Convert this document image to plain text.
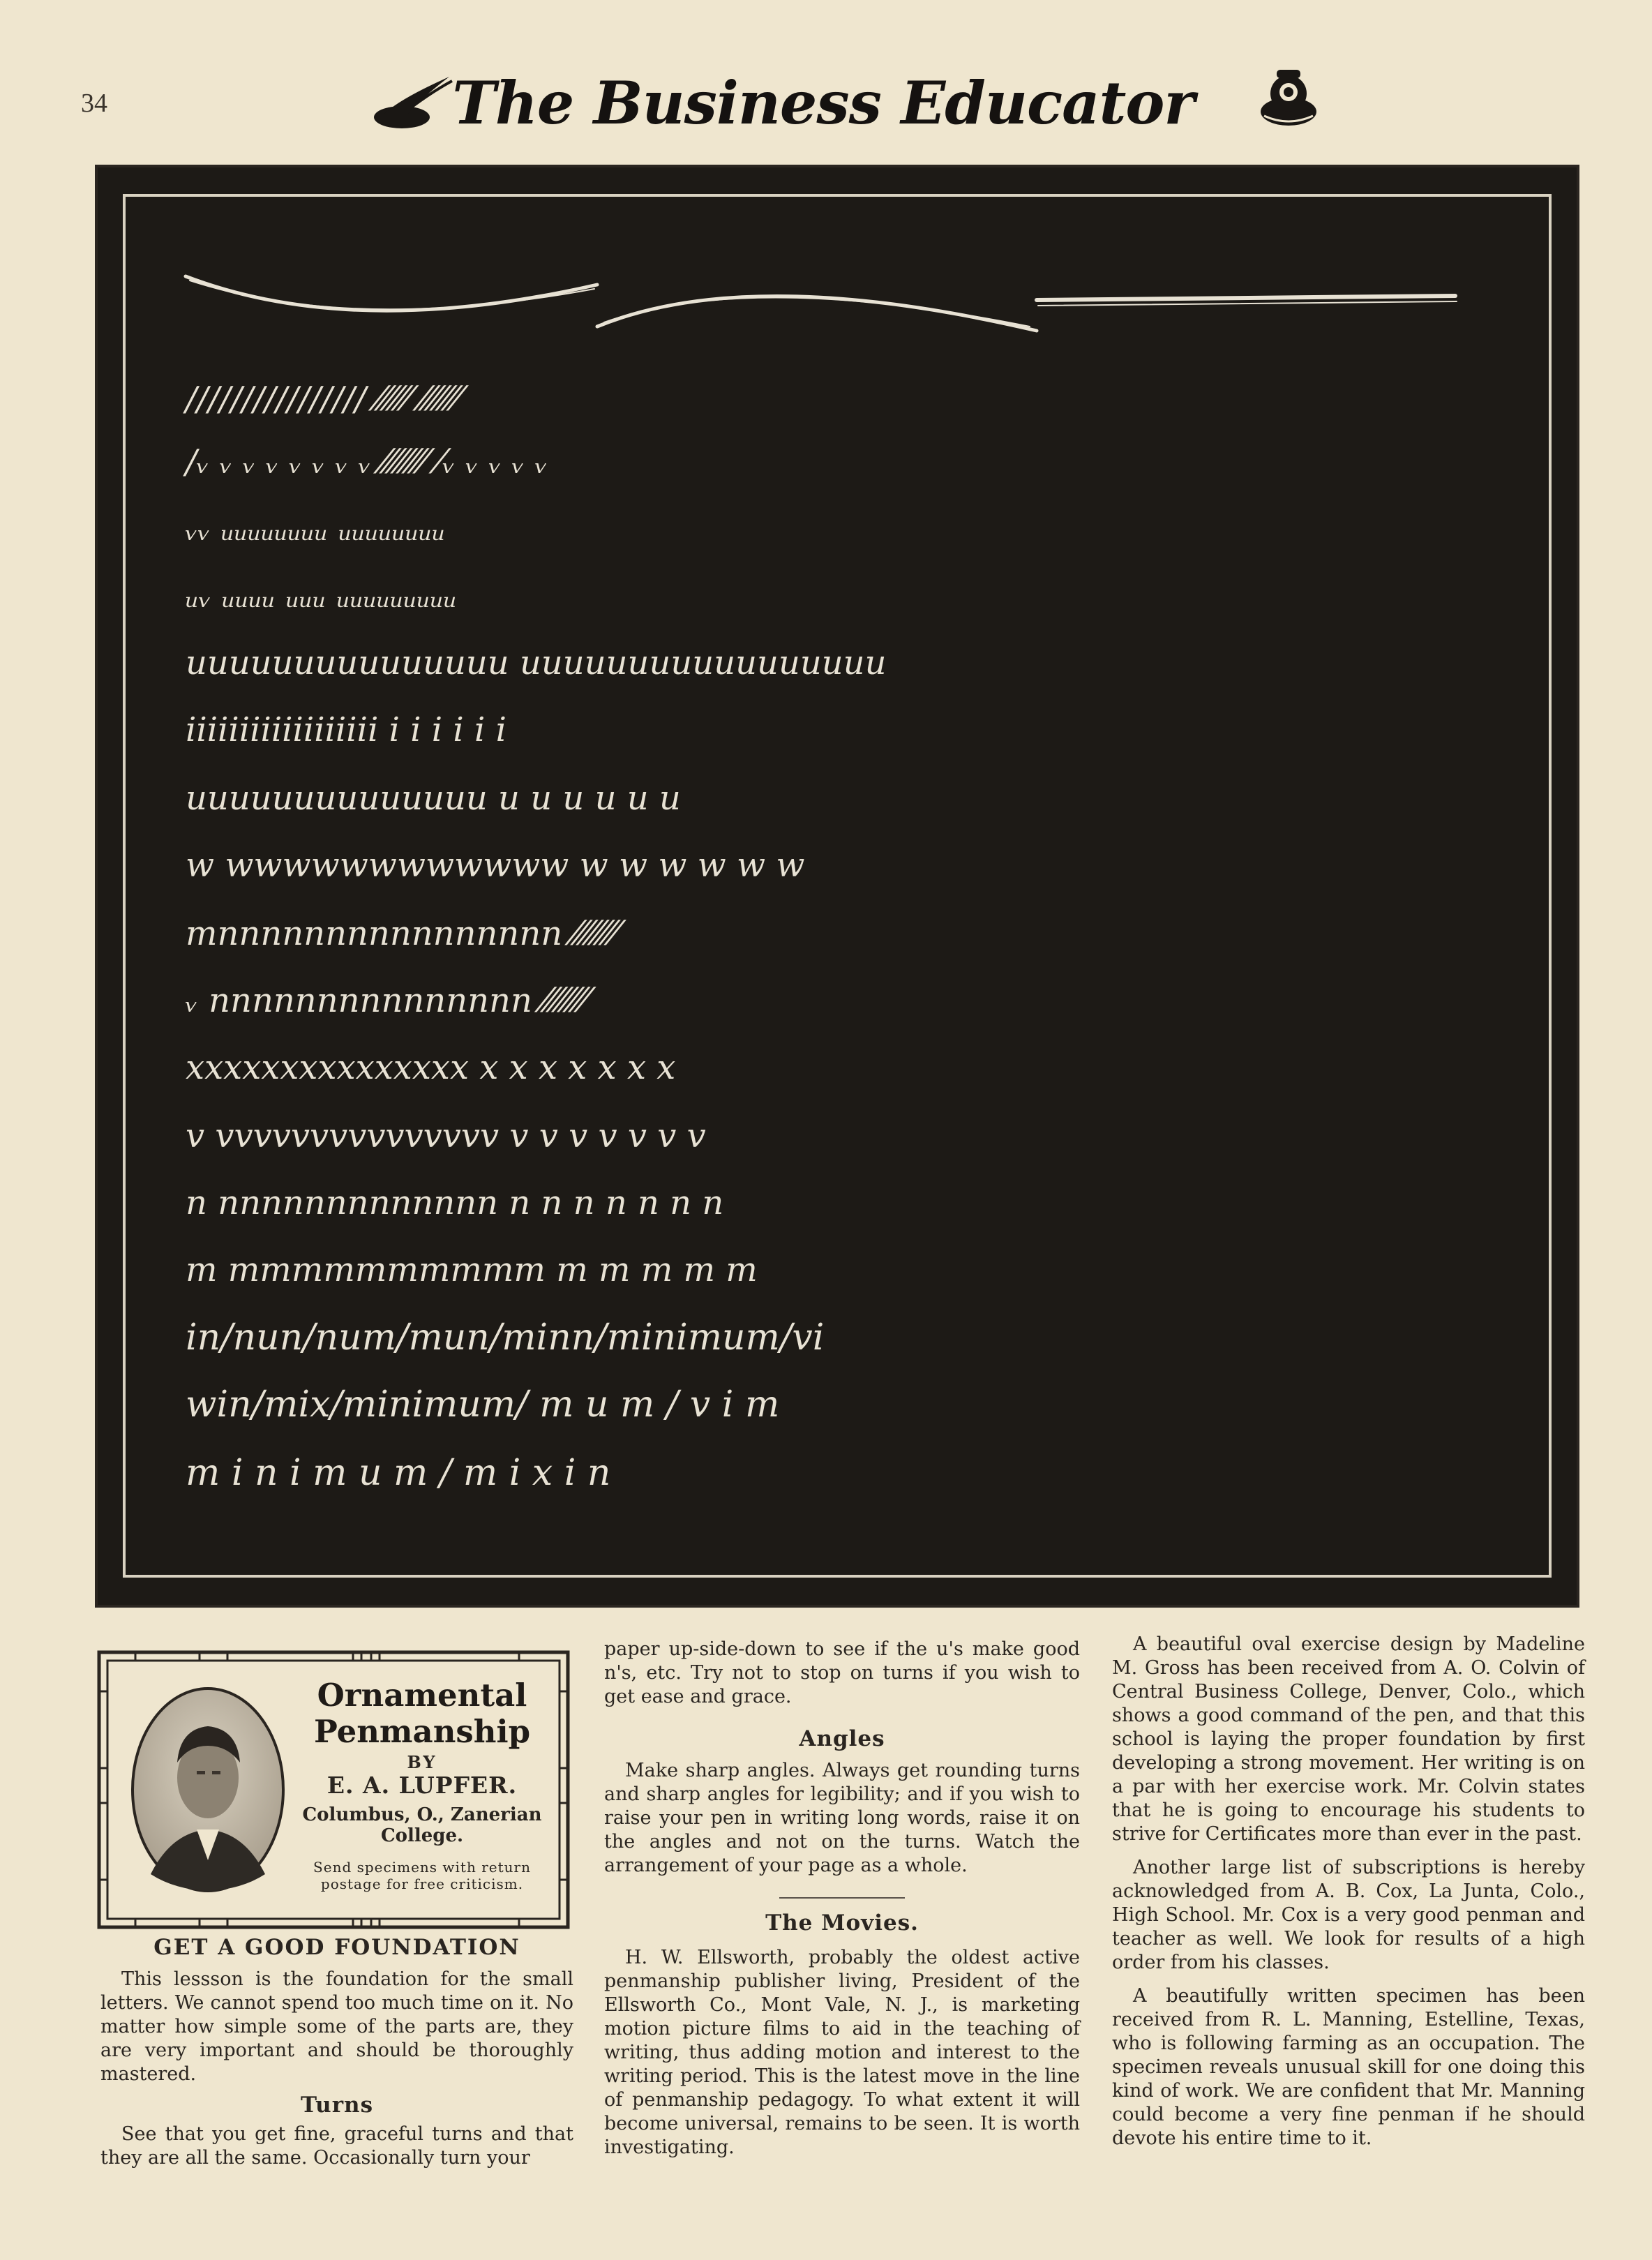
34	The Business Educator
//////////////// ⁄⁄⁄⁄⁄⁄ ⁄⁄⁄⁄⁄⁄⁄
/ᵥ ᵥ ᵥ ᵥ ᵥ ᵥ ᵥ ᵥ ⁄⁄⁄⁄⁄⁄⁄⁄ ⁄ᵥ ᵥ ᵥ ᵥ ᵥ
ᵥᵥ ᵤᵤᵤᵤᵤᵤᵤᵤ ᵤᵤᵤᵤᵤᵤᵤᵤ
ᵤᵥ ᵤᵤᵤᵤ ᵤᵤᵤ ᵤᵤᵤᵤᵤᵤᵤᵤᵤ
uuuuuuuuuuuuuuu uuuuuuuuuuuuuuuuu
iiiiiiiiiiiiiiiiii i i i i i i
uuuuuuuuuuuuuu u u u u u u
w wwwwwwwwwwww w w w w w w
mnnnnnnnnnnnnnnnn ⁄⁄⁄⁄⁄⁄⁄⁄
ᵥ nnnnnnnnnnnnnnn ⁄⁄⁄⁄⁄⁄⁄⁄
xxxxxxxxxxxxxxx x x x x x x x
v vvvvvvvvvvvvvvv v v v v v v v
n nnnnnnnnnnnnn n n n n n n n
m mmmmmmmmmm m m m m m
in/nun/num/mun/minn/minimum/vi
win/mix/minimum/ m u m / v i m
m i n i m u m / m i x i n
Ornamental
Penmanship
BY
E. A. LUPFER.
Columbus, O., Zanerian
College.
Send specimens with return
postage for free criticism.
GET A GOOD FOUNDATION

This lessson is the foundation for the small letters. We cannot spend too much time on it. No matter how simple some of the parts are, they are very important and should be thoroughly mastered.

Turns

See that you get fine, graceful turns and that they are all the same. Occasionally turn your

paper up-side-down to see if the u's make good n's, etc. Try not to stop on turns if you wish to get ease and grace.

Angles

Make sharp angles. Always get rounding turns and sharp angles for legibility; and if you wish to raise your pen in writing long words, raise it on the angles and not on the turns. Watch the arrangement of your page as a whole.

The Movies.

H. W. Ellsworth, probably the oldest active penmanship publisher living, President of the Ellsworth Co., Mont Vale, N. J., is marketing motion picture films to aid in the teaching of writing, thus adding motion and interest to the writing period. This is the latest move in the line of penmanship pedagogy. To what extent it will become universal, remains to be seen. It is worth investigating.

A beautiful oval exercise design by Madeline M. Gross has been received from A. O. Colvin of Central Business College, Denver, Colo., which shows a good command of the pen, and that this school is laying the proper foundation by first developing a strong movement. Her writing is on a par with her exercise work. Mr. Colvin states that he is going to encourage his students to strive for Certificates more than ever in the past.

Another large list of subscriptions is hereby acknowledged from A. B. Cox, La Junta, Colo., High School. Mr. Cox is a very good penman and teacher as well. We look for results of a high order from his classes.

A beautifully written specimen has been received from R. L. Manning, Estelline, Texas, who is following farming as an occupation. The specimen reveals unusual skill for one doing this kind of work. We are confident that Mr. Manning could become a very fine penman if he should devote his entire time to it.
